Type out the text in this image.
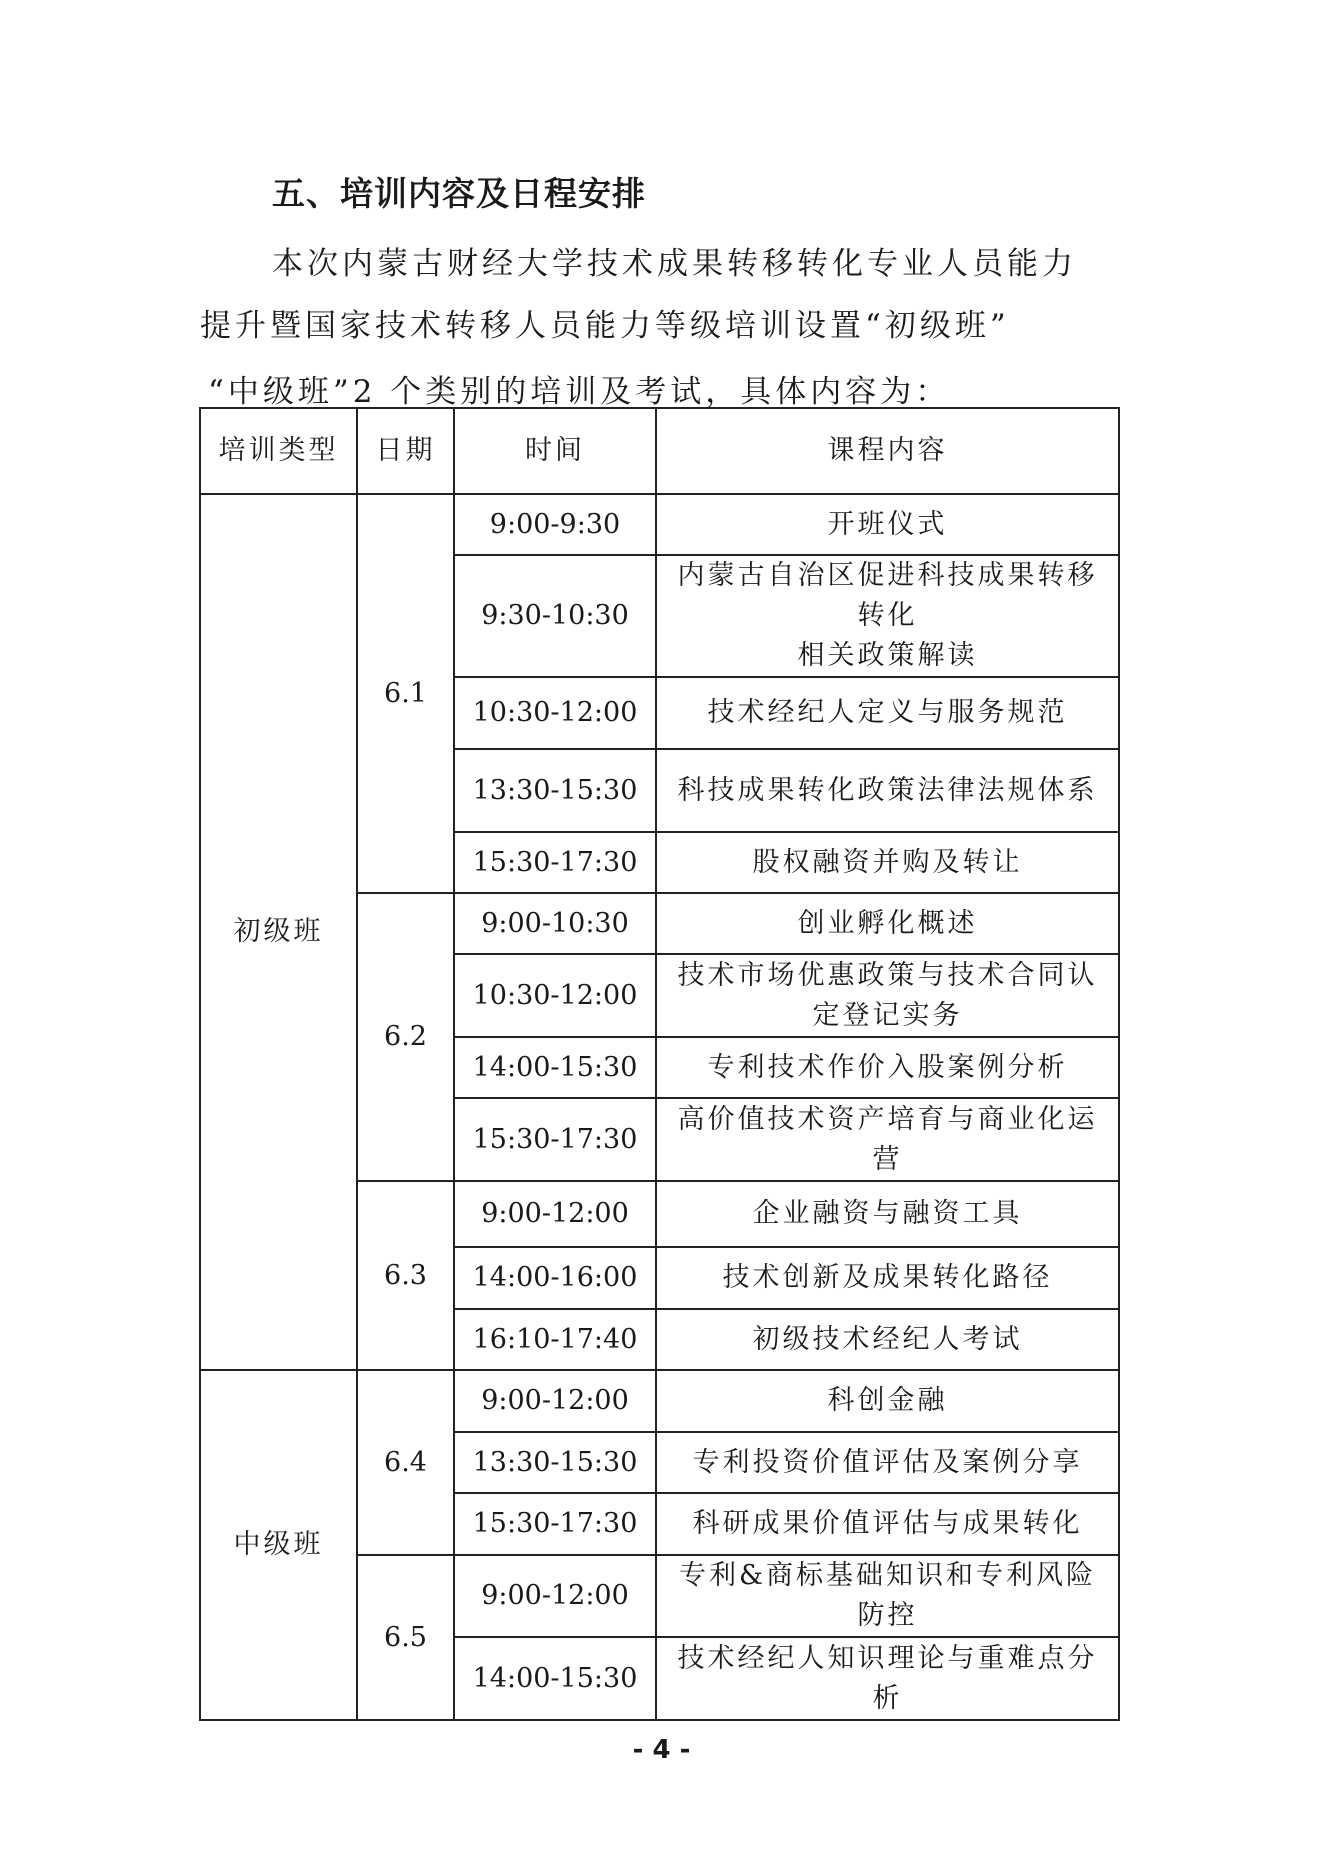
五、培训内容及日程安排
本次内蒙古财经大学技术成果转移转化专业人员能力
提升暨国家技术转移人员能力等级培训设置“初级班”
“中级班”2 个类别的培训及考试，具体内容为：
培训类型	日期	时间	课程内容
初级班	6.1	9:00-9:30	开班仪式
		9:30-10:30	内蒙古自治区促进科技成果转移转化
相关政策解读
		10:30-12:00	技术经纪人定义与服务规范
		13:30-15:30	科技成果转化政策法律法规体系
		15:30-17:30	股权融资并购及转让
	6.2	9:00-10:30	创业孵化概述
		10:30-12:00	技术市场优惠政策与技术合同认定登记实务
		14:00-15:30	专利技术作价入股案例分析
		15:30-17:30	高价值技术资产培育与商业化运营
	6.3	9:00-12:00	企业融资与融资工具
		14:00-16:00	技术创新及成果转化路径
		16:10-17:40	初级技术经纪人考试
中级班	6.4	9:00-12:00	科创金融
		13:30-15:30	专利投资价值评估及案例分享
		15:30-17:30	科研成果价值评估与成果转化
	6.5	9:00-12:00	专利&商标基础知识和专利风险防控
		14:00-15:30	技术经纪人知识理论与重难点分析
- 4 -
